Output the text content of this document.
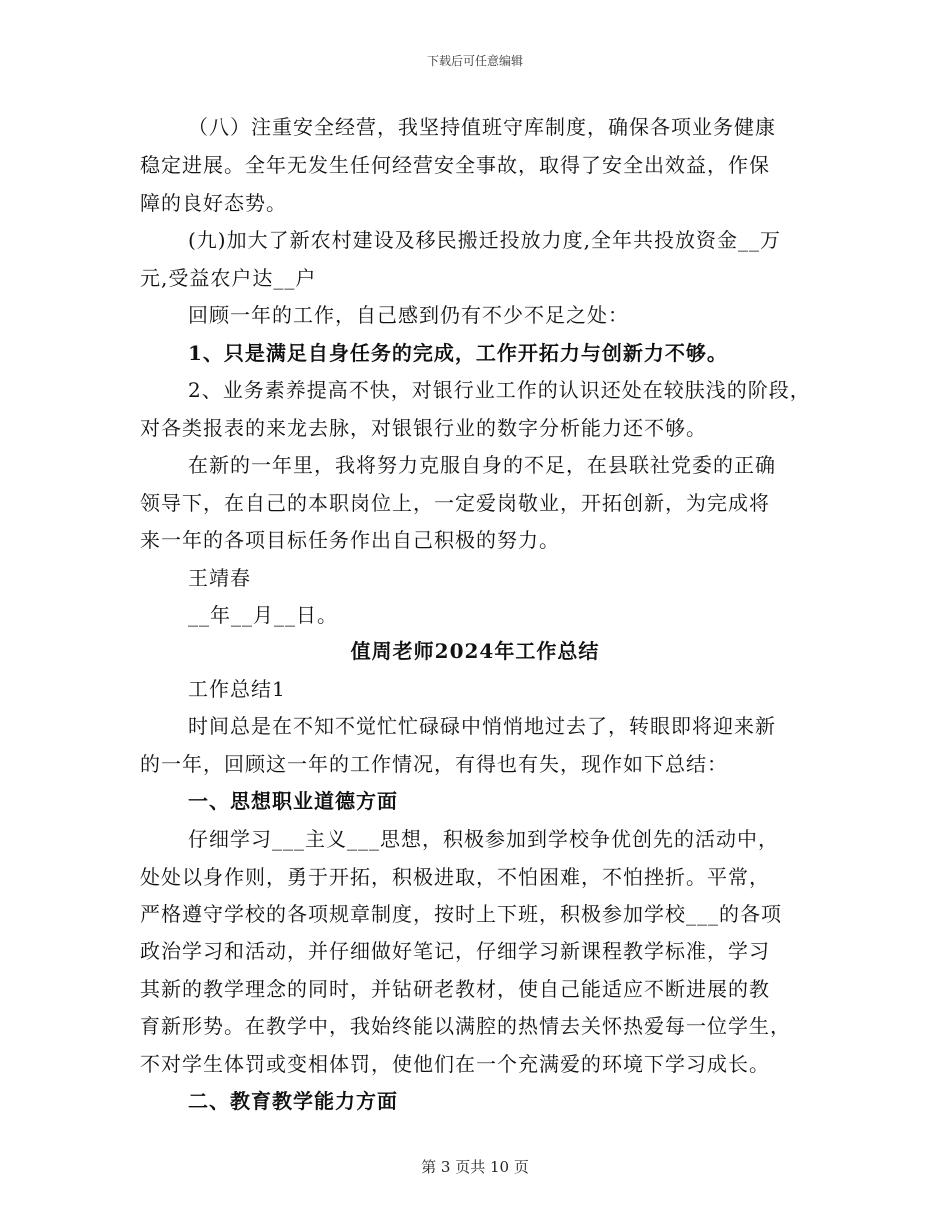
下载后可任意编辑
（八）注重安全经营，我坚持值班守库制度，确保各项业务健康
稳定进展。全年无发生任何经营安全事故，取得了安全出效益，作保
障的良好态势。
(九)加大了新农村建设及移民搬迁投放力度,全年共投放资金__万
元,受益农户达__户
回顾一年的工作，自己感到仍有不少不足之处：
1、只是满足自身任务的完成，工作开拓力与创新力不够。
2、业务素养提高不快，对银行业工作的认识还处在较肤浅的阶段，
对各类报表的来龙去脉，对银银行业的数字分析能力还不够。
在新的一年里，我将努力克服自身的不足，在县联社党委的正确
领导下，在自己的本职岗位上，一定爱岗敬业，开拓创新，为完成将
来一年的各项目标任务作出自己积极的努力。
王靖春
__年__月__日。
值周老师2024年工作总结
工作总结1
时间总是在不知不觉忙忙碌碌中悄悄地过去了，转眼即将迎来新
的一年，回顾这一年的工作情况，有得也有失，现作如下总结：
一、思想职业道德方面
仔细学习___主义___思想，积极参加到学校争优创先的活动中，
处处以身作则，勇于开拓，积极进取，不怕困难，不怕挫折。平常，
严格遵守学校的各项规章制度，按时上下班，积极参加学校___的各项
政治学习和活动，并仔细做好笔记，仔细学习新课程教学标准，学习
其新的教学理念的同时，并钻研老教材，使自己能适应不断进展的教
育新形势。在教学中，我始终能以满腔的热情去关怀热爱每一位学生，
不对学生体罚或变相体罚，使他们在一个充满爱的环境下学习成长。
二、教育教学能力方面
第 3 页共 10 页
